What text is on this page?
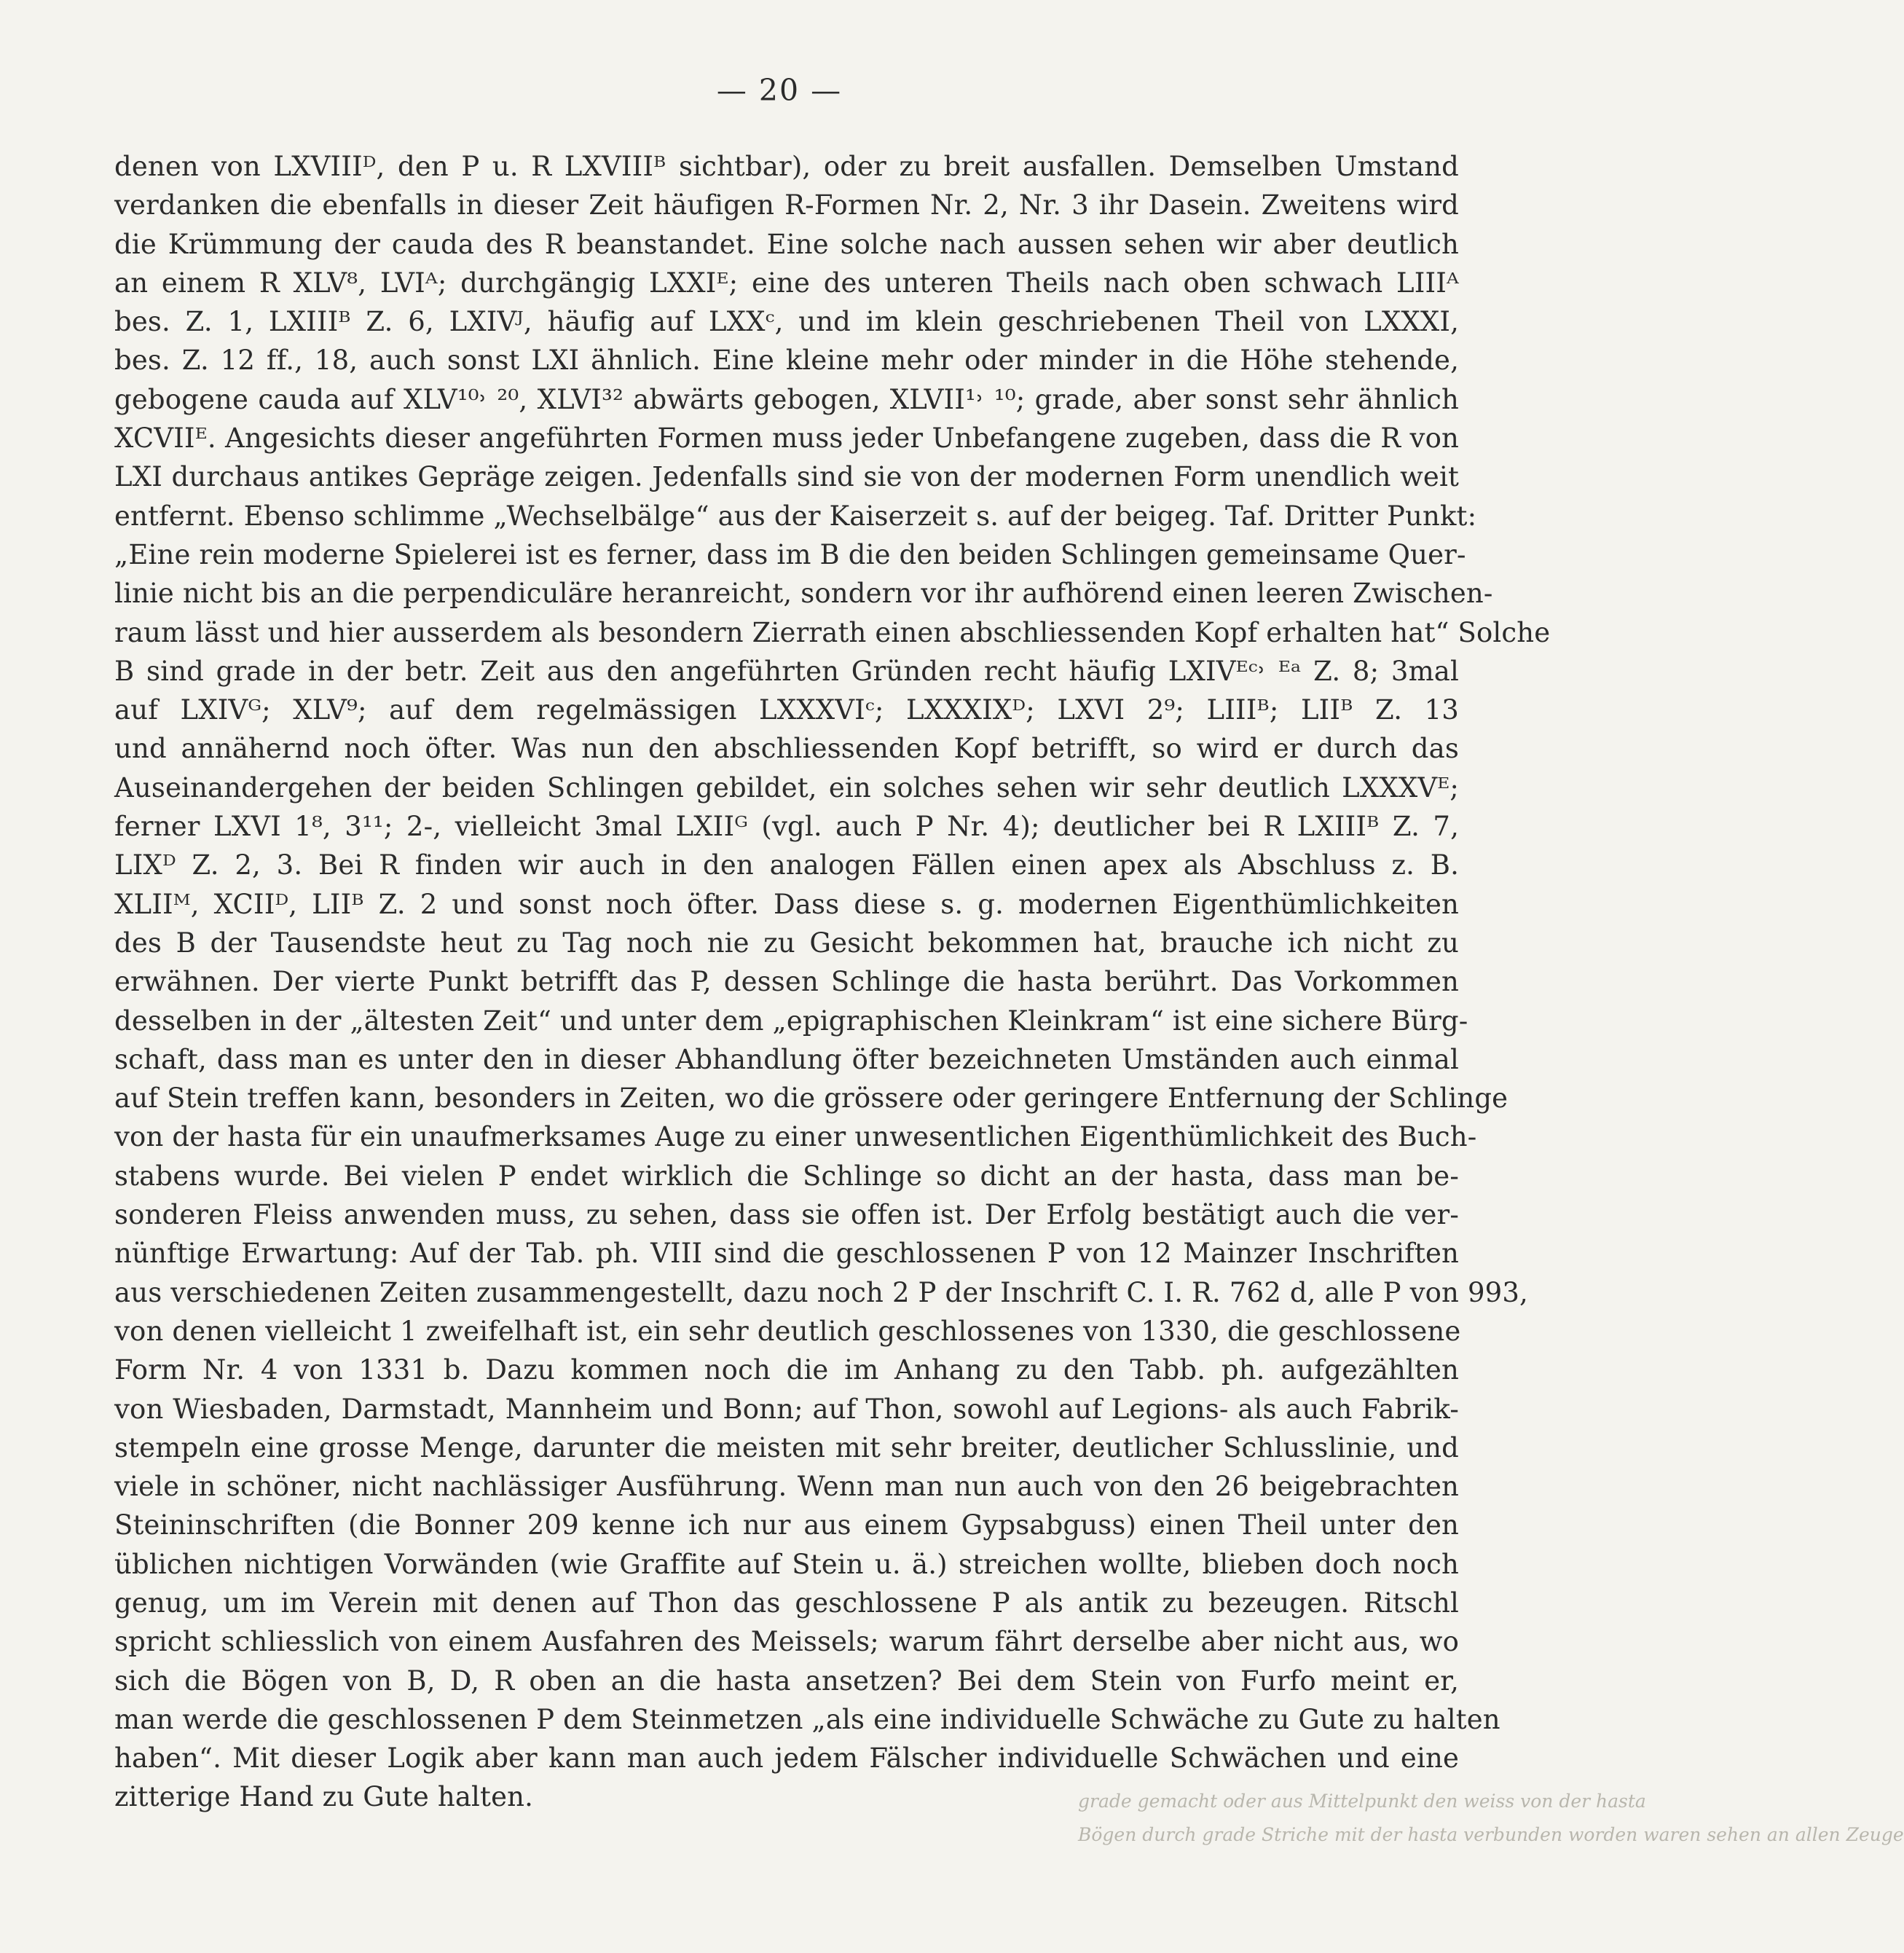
— 20 —
denen von LXVIIIᴰ, den P u. R LXVIIIᴮ sichtbar), oder zu breit ausfallen. Demselben Umstand
verdanken die ebenfalls in dieser Zeit häufigen R-Formen Nr. 2, Nr. 3 ihr Dasein. Zweitens wird
die Krümmung der cauda des R beanstandet. Eine solche nach aussen sehen wir aber deutlich
an einem R XLV⁸, LVIᴬ; durchgängig LXXIᴱ; eine des unteren Theils nach oben schwach LIIIᴬ
bes. Z. 1, LXIIIᴮ Z. 6, LXIVᴶ, häufig auf LXXᶜ, und im klein geschriebenen Theil von LXXXI,
bes. Z. 12 ff., 18, auch sonst LXI ähnlich. Eine kleine mehr oder minder in die Höhe stehende,
gebogene cauda auf XLV¹⁰˒ ²⁰, XLVI³² abwärts gebogen, XLVII¹˒ ¹⁰; grade, aber sonst sehr ähnlich
XCVIIᴱ. Angesichts dieser angeführten Formen muss jeder Unbefangene zugeben, dass die R von
LXI durchaus antikes Gepräge zeigen. Jedenfalls sind sie von der modernen Form unendlich weit
entfernt. Ebenso schlimme „Wechselbälge“ aus der Kaiserzeit s. auf der beigeg. Taf. Dritter Punkt:
„Eine rein moderne Spielerei ist es ferner, dass im B die den beiden Schlingen gemeinsame Quer-
linie nicht bis an die perpendiculäre heranreicht, sondern vor ihr aufhörend einen leeren Zwischen-
raum lässt und hier ausserdem als besondern Zierrath einen abschliessenden Kopf erhalten hat“ Solche
B sind grade in der betr. Zeit aus den angeführten Gründen recht häufig LXIVᴱᶜ˒ ᴱᵃ Z. 8; 3mal
auf LXIVᴳ; XLV⁹; auf dem regelmässigen LXXXVIᶜ; LXXXIXᴰ; LXVI 2⁹; LIIIᴮ; LIIᴮ Z. 13
und annähernd noch öfter. Was nun den abschliessenden Kopf betrifft, so wird er durch das
Auseinandergehen der beiden Schlingen gebildet, ein solches sehen wir sehr deutlich LXXXVᴱ;
ferner LXVI 1⁸, 3¹¹; 2-, vielleicht 3mal LXIIᴳ (vgl. auch P Nr. 4); deutlicher bei R LXIIIᴮ Z. 7,
LIXᴰ Z. 2, 3. Bei R finden wir auch in den analogen Fällen einen apex als Abschluss z. B.
XLIIᴹ, XCIIᴰ, LIIᴮ Z. 2 und sonst noch öfter. Dass diese s. g. modernen Eigenthümlichkeiten
des B der Tausendste heut zu Tag noch nie zu Gesicht bekommen hat, brauche ich nicht zu
erwähnen. Der vierte Punkt betrifft das P, dessen Schlinge die hasta berührt. Das Vorkommen
desselben in der „ältesten Zeit“ und unter dem „epigraphischen Kleinkram“ ist eine sichere Bürg-
schaft, dass man es unter den in dieser Abhandlung öfter bezeichneten Umständen auch einmal
auf Stein treffen kann, besonders in Zeiten, wo die grössere oder geringere Entfernung der Schlinge
von der hasta für ein unaufmerksames Auge zu einer unwesentlichen Eigenthümlichkeit des Buch-
stabens wurde. Bei vielen P endet wirklich die Schlinge so dicht an der hasta, dass man be-
sonderen Fleiss anwenden muss, zu sehen, dass sie offen ist. Der Erfolg bestätigt auch die ver-
nünftige Erwartung: Auf der Tab. ph. VIII sind die geschlossenen P von 12 Mainzer Inschriften
aus verschiedenen Zeiten zusammengestellt, dazu noch 2 P der Inschrift C. I. R. 762 d, alle P von 993,
von denen vielleicht 1 zweifelhaft ist, ein sehr deutlich geschlossenes von 1330, die geschlossene
Form Nr. 4 von 1331 b. Dazu kommen noch die im Anhang zu den Tabb. ph. aufgezählten
von Wiesbaden, Darmstadt, Mannheim und Bonn; auf Thon, sowohl auf Legions- als auch Fabrik-
stempeln eine grosse Menge, darunter die meisten mit sehr breiter, deutlicher Schlusslinie, und
viele in schöner, nicht nachlässiger Ausführung. Wenn man nun auch von den 26 beigebrachten
Steininschriften (die Bonner 209 kenne ich nur aus einem Gypsabguss) einen Theil unter den
üblichen nichtigen Vorwänden (wie Graffite auf Stein u. ä.) streichen wollte, blieben doch noch
genug, um im Verein mit denen auf Thon das geschlossene P als antik zu bezeugen. Ritschl
spricht schliesslich von einem Ausfahren des Meissels; warum fährt derselbe aber nicht aus, wo
sich die Bögen von B, D, R oben an die hasta ansetzen? Bei dem Stein von Furfo meint er,
man werde die geschlossenen P dem Steinmetzen „als eine individuelle Schwäche zu Gute zu halten
haben“. Mit dieser Logik aber kann man auch jedem Fälscher individuelle Schwächen und eine
zitterige Hand zu Gute halten.	grade gemacht oder aus Mittelpunkt den weiss von der hasta
Bögen durch grade Striche mit der hasta verbunden worden waren sehen an allen Zeuge
